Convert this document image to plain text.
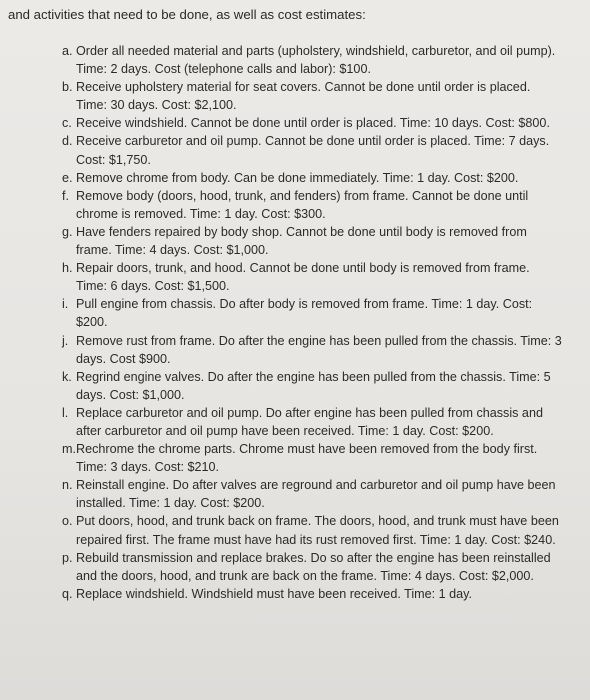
and activities that need to be done, as well as cost estimates:
a. Order all needed material and parts (upholstery, windshield, carburetor, and oil pump). Time: 2 days. Cost (telephone calls and labor): $100.
b. Receive upholstery material for seat covers. Cannot be done until order is placed. Time: 30 days. Cost: $2,100.
c. Receive windshield. Cannot be done until order is placed. Time: 10 days. Cost: $800.
d. Receive carburetor and oil pump. Cannot be done until order is placed. Time: 7 days. Cost: $1,750.
e. Remove chrome from body. Can be done immediately. Time: 1 day. Cost: $200.
f. Remove body (doors, hood, trunk, and fenders) from frame. Cannot be done until chrome is removed. Time: 1 day. Cost: $300.
g. Have fenders repaired by body shop. Cannot be done until body is removed from frame. Time: 4 days. Cost: $1,000.
h. Repair doors, trunk, and hood. Cannot be done until body is removed from frame. Time: 6 days. Cost: $1,500.
i. Pull engine from chassis. Do after body is removed from frame. Time: 1 day. Cost: $200.
j. Remove rust from frame. Do after the engine has been pulled from the chassis. Time: 3 days. Cost $900.
k. Regrind engine valves. Do after the engine has been pulled from the chassis. Time: 5 days. Cost: $1,000.
l. Replace carburetor and oil pump. Do after engine has been pulled from chassis and after carburetor and oil pump have been received. Time: 1 day. Cost: $200.
m. Rechrome the chrome parts. Chrome must have been removed from the body first. Time: 3 days. Cost: $210.
n. Reinstall engine. Do after valves are reground and carburetor and oil pump have been installed. Time: 1 day. Cost: $200.
o. Put doors, hood, and trunk back on frame. The doors, hood, and trunk must have been repaired first. The frame must have had its rust removed first. Time: 1 day. Cost: $240.
p. Rebuild transmission and replace brakes. Do so after the engine has been reinstalled and the doors, hood, and trunk are back on the frame. Time: 4 days. Cost: $2,000.
q. Replace windshield. Windshield must have been received. Time: 1 day.
